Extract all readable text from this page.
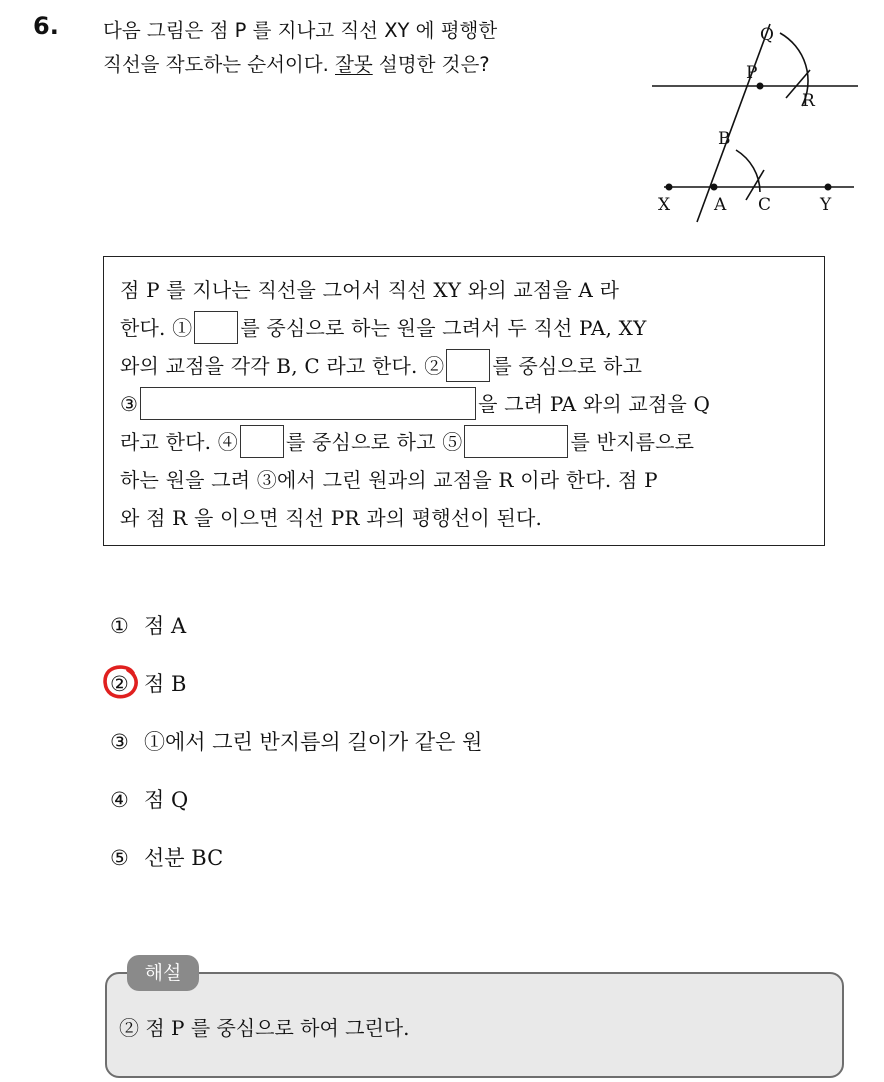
6. 다음 그림은 점 P 를 지나고 직선 XY 에 평행한
직선을 작도하는 순서이다. 잘못 설명한 것은?
Q
P
R
B
X	A C	Y
점 P 를 지나는 직선을 그어서 직선 XY 와의 교점을 A 라
한다. ① 를 중심으로 하는 원을 그려서 두 직선 PA, XY
와의 교점을 각각 B, C 라고 한다. ② 를 중심으로 하고
③	을 그려 PA 와의 교점을 Q
라고 한다. ④ 를 중심으로 하고 ⑤	를 반지름으로
하는 원을 그려 ③에서 그린 원과의 교점을 R 이라 한다. 점 P
와 점 R 을 이으면 직선 PR 과의 평행선이 된다.
① 점 A
② 점 B
③ ①에서 그린 반지름의 길이가 같은 원
④ 점 Q
⑤ 선분 BC
해설
② 점 P 를 중심으로 하여 그린다.
